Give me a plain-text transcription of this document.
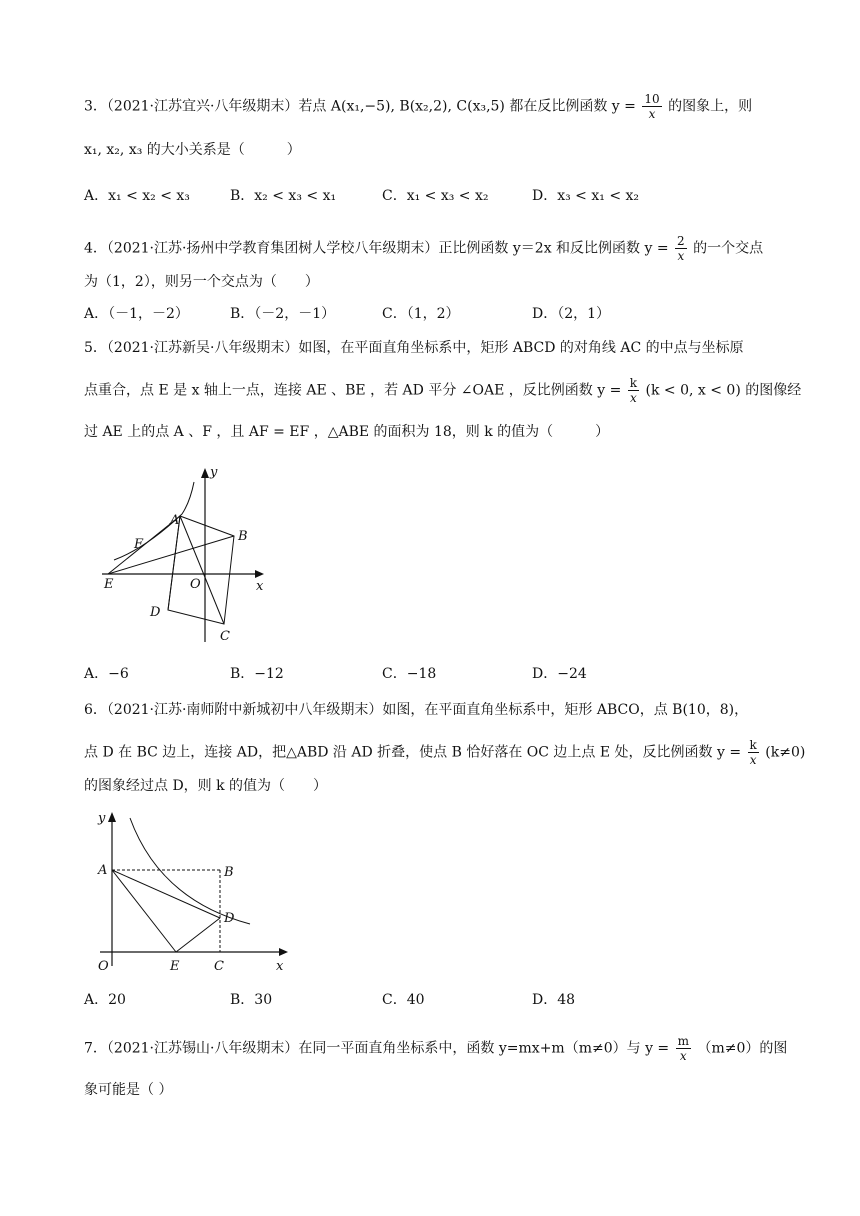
3．（2021·江苏宜兴·八年级期末）若点 A(x₁,−5), B(x₂,2), C(x₃,5) 都在反比例函数 $y = \frac{10}{x}$ 的图象上，则
x₁, x₂, x₃ 的大小关系是（　　　）
A．x₁ < x₂ < x₃	B．x₂ < x₃ < x₁	C．x₁ < x₃ < x₂	D．x₃ < x₁ < x₂
4．（2021·江苏·扬州中学教育集团树人学校八年级期末）正比例函数 y＝2x 和反比例函数 $y = \frac{2}{x}$ 的一个交点
为（1，2），则另一个交点为（　　）
A．（－1，－2）	B．（－2，－1）	C．（1，2）	D．（2，1）
5．（2021·江苏新吴·八年级期末）如图，在平面直角坐标系中，矩形 ABCD 的对角线 AC 的中点与坐标原
点重合，点 E 是 x 轴上一点，连接 AE 、BE ，若 AD 平分 ∠OAE ，反比例函数 $y = \frac{k}{x} (k < 0$, x < 0) 的图像经
过 AE 上的点 A 、F ，且 AF = EF ，△ABE 的面积为 18，则 k 的值为（　　　）
y
x
A
B
C
D
E
F
O
A．−6	B．−12	C．−18	D．−24
6．（2021·江苏·南师附中新城初中八年级期末）如图，在平面直角坐标系中，矩形 ABCO，点 B(10，8)，
点 D 在 BC 边上，连接 AD，把△ABD 沿 AD 折叠，使点 B 恰好落在 OC 边上点 E 处，反比例函数 $y = \frac{k}{x} (k\ne 0)$
的图象经过点 D，则 k 的值为（　　）
y
x
A	B
C
D
E
O
A．20	B．30	C．40	D．48
7．（2021·江苏锡山·八年级期末）在同一平面直角坐标系中，函数 y=mx+m（m≠0）与 $y = \frac{m}{x} (m\ne 0)$的图
象可能是（ ）
